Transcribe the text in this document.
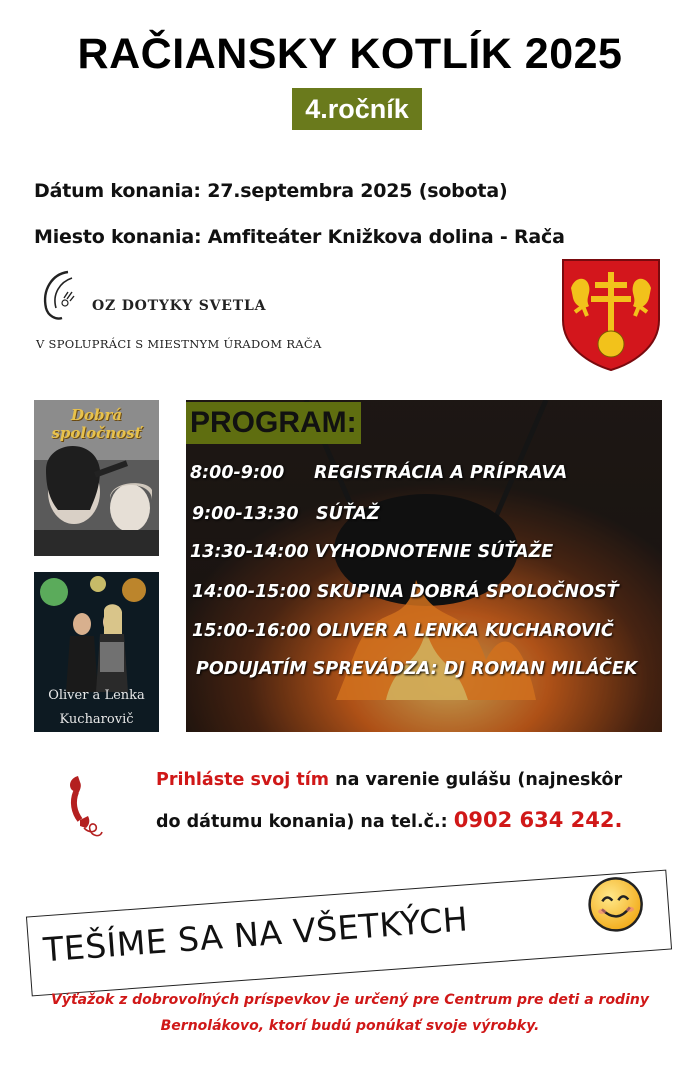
RAČIANSKY KOTLÍK 2025
4.ročník
Dátum konania: 27.septembra 2025 (sobota)
Miesto konania: Amfiteáter Knižkova dolina - Rača
OZ DOTYKY SVETLA
V SPOLUPRÁCI S MIESTNYM ÚRADOM RAČA
Dobrá spoločnosť
Oliver a Lenka Kucharovič
PROGRAM:
8:00-9:00 REGISTRÁCIA A PRÍPRAVA
9:00-13:30 SÚŤAŽ
13:30-14:00 VYHODNOTENIE SÚŤAŽE
14:00-15:00 SKUPINA DOBRÁ SPOLOČNOSŤ
15:00-16:00 OLIVER A LENKA KUCHAROVIČ
PODUJATÍM SPREVÁDZA: DJ ROMAN MILÁČEK
Prihláste svoj tím na varenie gulášu (najneskôr
do dátumu konania) na tel.č.: 0902 634 242.
TEŠÍME SA NA VŠETKÝCH
Výťažok z dobrovoľných príspevkov je určený pre Centrum pre deti a rodiny
Bernolákovo, ktorí budú ponúkať svoje výrobky.
